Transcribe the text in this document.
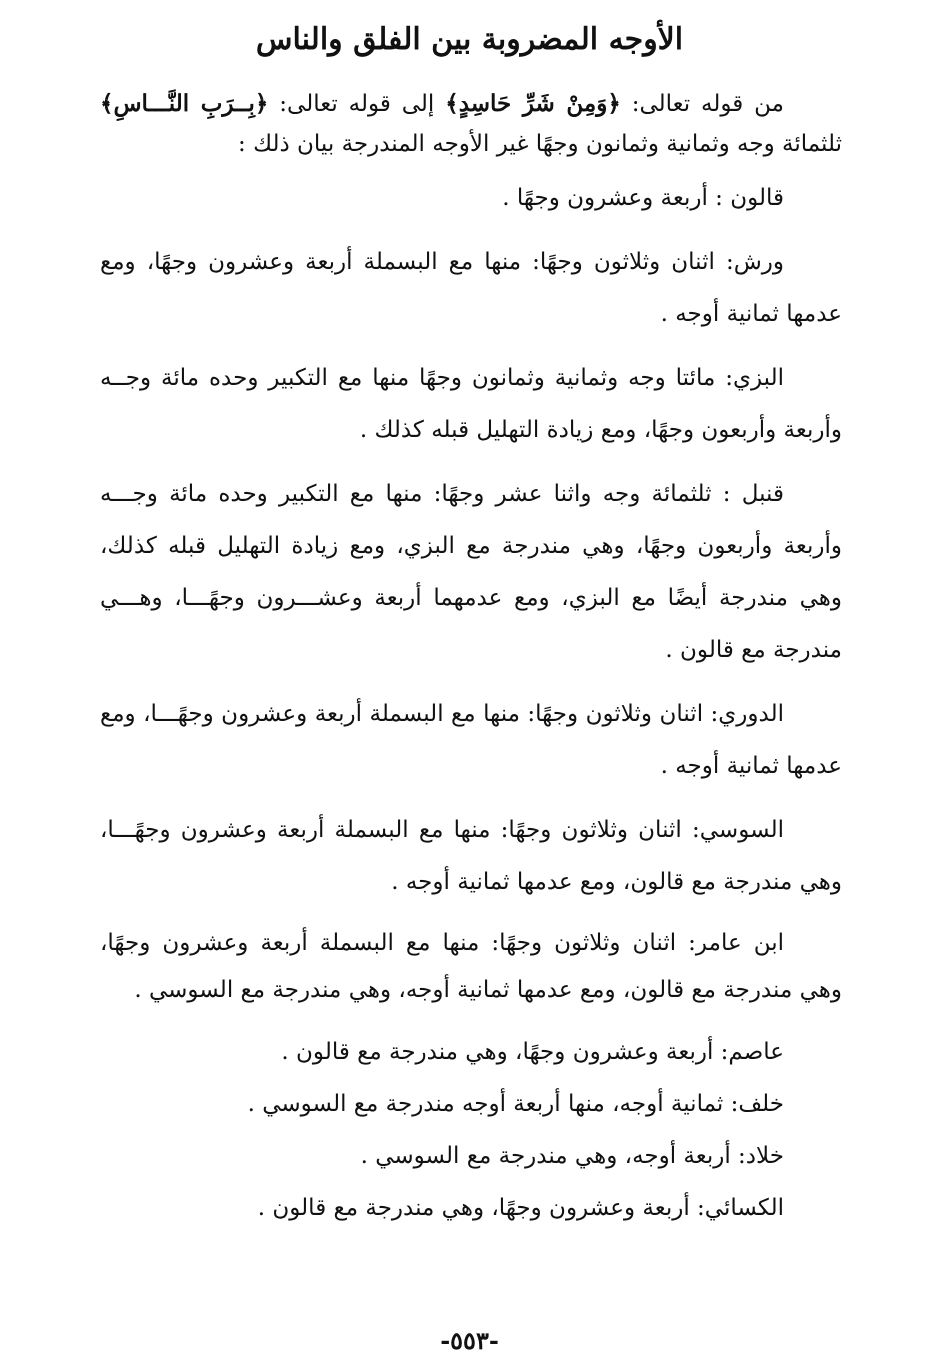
الأوجه المضروبة بين الفلق والناس

من قوله تعالى: ﴿وَمِنْ شَرِّ حَاسِدٍ﴾ إلى قوله تعالى: ﴿بِــرَبِ النَّـــاسِ﴾ ثلثمائة وجه وثمانية وثمانون وجهًا غير الأوجه المندرجة بيان ذلك :

قالون : أربعة وعشرون وجهًا .

ورش: اثنان وثلاثون وجهًا: منها مع البسملة أربعة وعشرون وجهًا، ومع عدمها ثمانية أوجه .

البزي: مائتا وجه وثمانية وثمانون وجهًا منها مع التكبير وحده مائة وجــه وأربعة وأربعون وجهًا، ومع زيادة التهليل قبله كذلك .

قنبل : ثلثمائة وجه واثنا عشر وجهًا: منها مع التكبير وحده مائة وجـــه وأربعة وأربعون وجهًا، وهي مندرجة مع البزي، ومع زيادة التهليل قبله كذلك، وهي مندرجة أيضًا مع البزي، ومع عدمهما أربعة وعشـــرون وجهًـــا، وهـــي مندرجة مع قالون .

الدوري: اثنان وثلاثون وجهًا: منها مع البسملة أربعة وعشرون وجهًـــا، ومع عدمها ثمانية أوجه .

السوسي: اثنان وثلاثون وجهًا: منها مع البسملة أربعة وعشرون وجهًـــا، وهي مندرجة مع قالون، ومع عدمها ثمانية أوجه .

ابن عامر: اثنان وثلاثون وجهًا: منها مع البسملة أربعة وعشرون وجهًا، وهي مندرجة مع قالون، ومع عدمها ثمانية أوجه، وهي مندرجة مع السوسي .

عاصم: أربعة وعشرون وجهًا، وهي مندرجة مع قالون .
خلف: ثمانية أوجه، منها أربعة أوجه مندرجة مع السوسي .
خلاد: أربعة أوجه، وهي مندرجة مع السوسي .
الكسائي: أربعة وعشرون وجهًا، وهي مندرجة مع قالون .

-٥٥٣-
